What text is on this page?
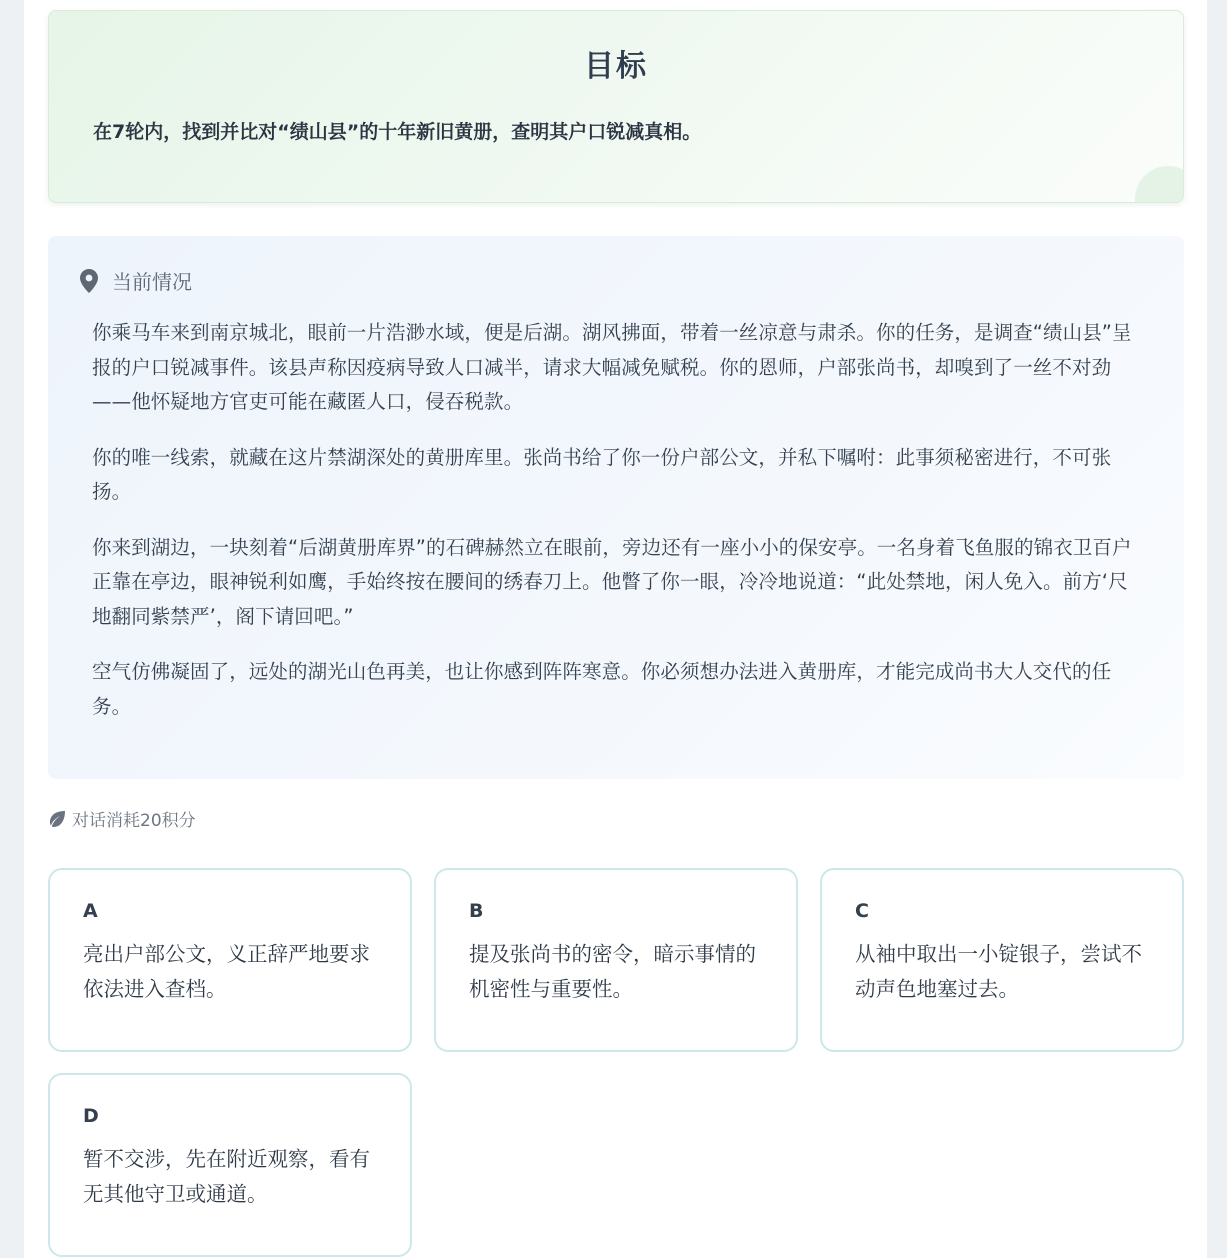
目标
在7轮内，找到并比对“绩山县”的十年新旧黄册，查明其户口锐减真相。
当前情况

你乘马车来到南京城北，眼前一片浩渺水域，便是后湖。湖风拂面，带着一丝凉意与肃杀。你的任务，是调查“绩山县”呈报的户口锐减事件。该县声称因疫病导致人口减半，请求大幅减免赋税。你的恩师，户部张尚书，却嗅到了一丝不对劲——他怀疑地方官吏可能在藏匿人口，侵吞税款。

你的唯一线索，就藏在这片禁湖深处的黄册库里。张尚书给了你一份户部公文，并私下嘱咐：此事须秘密进行，不可张扬。

你来到湖边，一块刻着“后湖黄册库界”的石碑赫然立在眼前，旁边还有一座小小的保安亭。一名身着飞鱼服的锦衣卫百户正靠在亭边，眼神锐利如鹰，手始终按在腰间的绣春刀上。他瞥了你一眼，冷冷地说道：“此处禁地，闲人免入。前方‘尺地翻同紫禁严’，阁下请回吧。”

空气仿佛凝固了，远处的湖光山色再美，也让你感到阵阵寒意。你必须想办法进入黄册库，才能完成尚书大人交代的任务。

对话消耗20积分
A
亮出户部公文，义正辞严地要求依法进入查档。
B
提及张尚书的密令，暗示事情的机密性与重要性。
C
从袖中取出一小锭银子，尝试不动声色地塞过去。
D
暂不交涉，先在附近观察，看有无其他守卫或通道。
